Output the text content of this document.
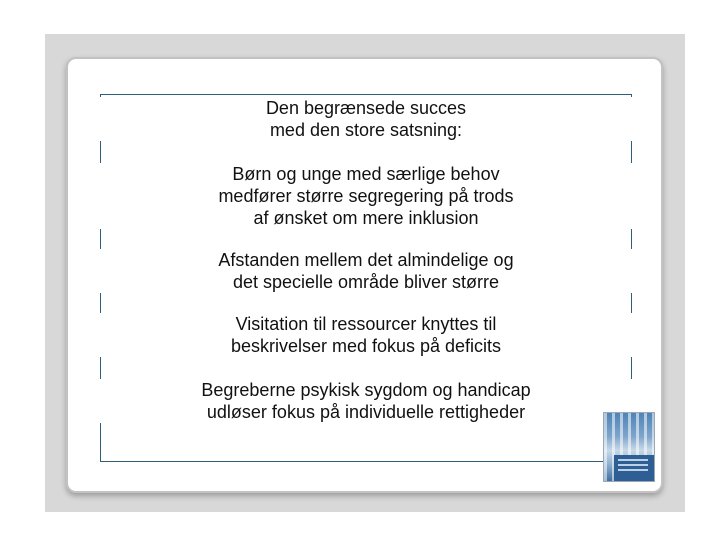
Den begrænsede succes
med den store satsning:

Børn og unge med særlige behov
medfører større segregering på trods
af ønsket om mere inklusion

Afstanden mellem det almindelige og
det specielle område bliver større

Visitation til ressourcer knyttes til
beskrivelser med fokus på deficits

Begreberne psykisk sygdom og handicap
udløser fokus på individuelle rettigheder
